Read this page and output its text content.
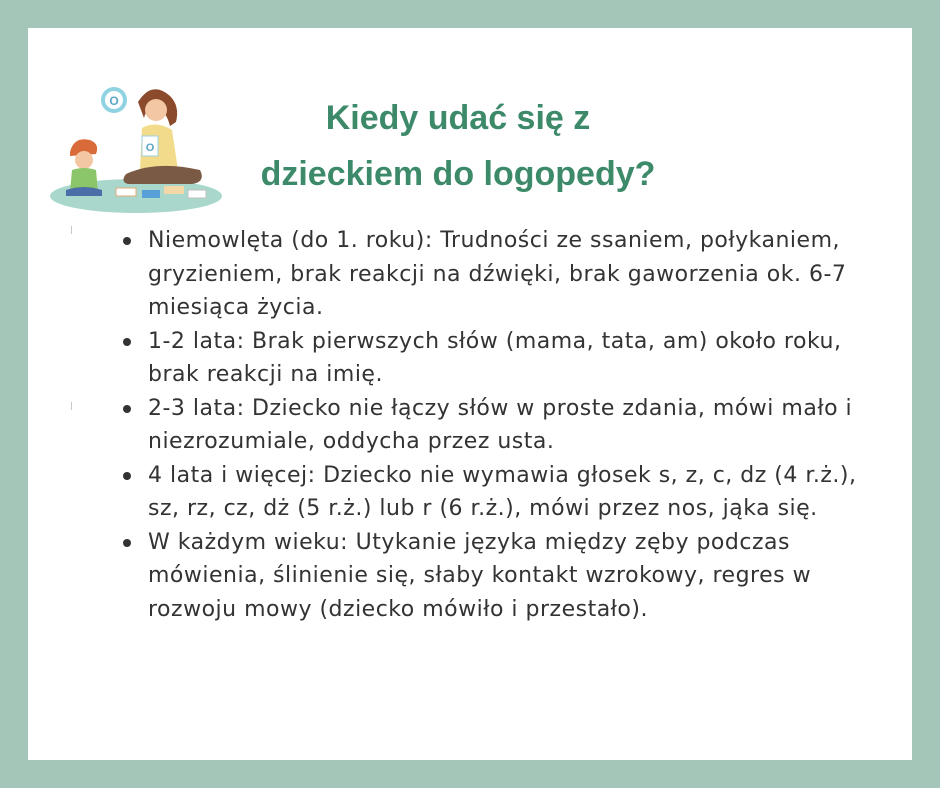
O
O
Kiedy udać się z
dzieckiem do logopedy?
Niemowlęta (do 1. roku): Trudności ze ssaniem, połykaniem, gryzieniem, brak reakcji na dźwięki, brak gaworzenia ok. 6-7 miesiąca życia.
1-2 lata: Brak pierwszych słów (mama, tata, am) około roku, brak reakcji na imię.
2-3 lata: Dziecko nie łączy słów w proste zdania, mówi mało i niezrozumiale, oddycha przez usta.
4 lata i więcej: Dziecko nie wymawia głosek s, z, c, dz (4 r.ż.), sz, rz, cz, dż (5 r.ż.) lub r (6 r.ż.), mówi przez nos, jąka się.
W każdym wieku: Utykanie języka między zęby podczas mówienia, ślinienie się, słaby kontakt wzrokowy, regres w rozwoju mowy (dziecko mówiło i przestało).
